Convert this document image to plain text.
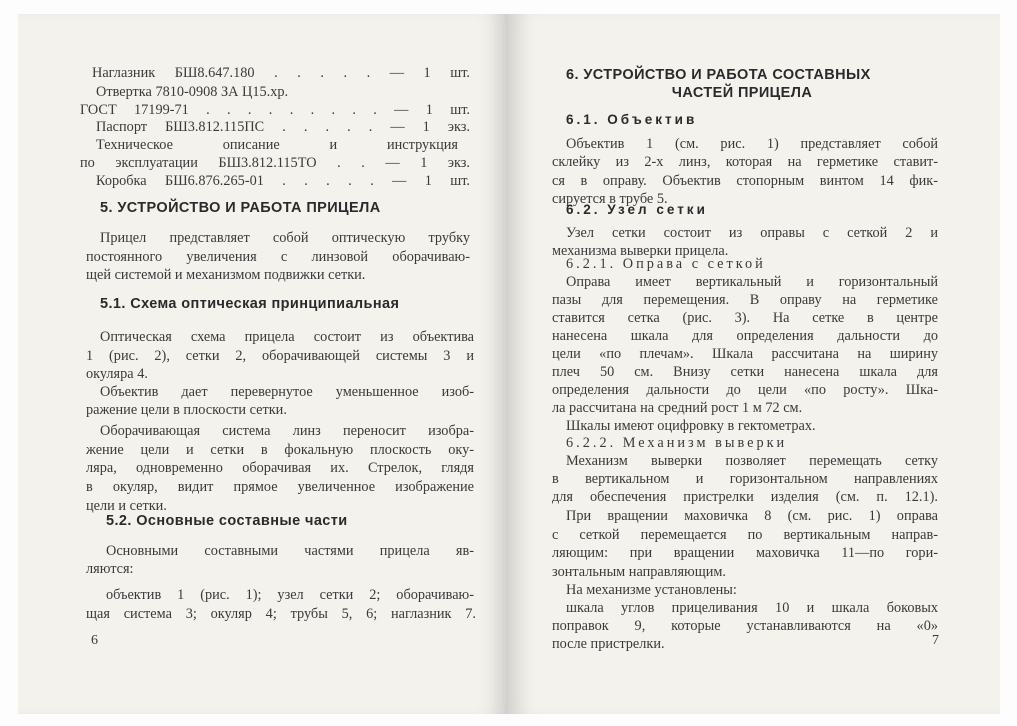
Наглазник БШ8.647.180 . . . . . — 1 шт.
Отвертка 7810-0908 ЗА Ц15.хр.
ГОСТ 17199-71 . . . . . . . . . — 1 шт.
Паспорт БШ3.812.115ПС . . . . . — 1 экз.
Техническое описание и инструкция
по эксплуатации БШ3.812.115ТО . . — 1 экз.
Коробка БШ6.876.265-01 . . . . . — 1 шт.
5. УСТРОЙСТВО И РАБОТА ПРИЦЕЛА
Прицел представляет собой оптическую трубку
постоянного увеличения с линзовой оборачиваю-
щей системой и механизмом подвижки сетки.
5.1. Схема оптическая принципиальная
Оптическая схема прицела состоит из объектива
1 (рис. 2), сетки 2, оборачивающей системы 3 и
окуляра 4.
Объектив дает перевернутое уменьшенное изоб-
ражение цели в плоскости сетки.
Оборачивающая система линз переносит изобра-
жение цели и сетки в фокальную плоскость оку-
ляра, одновременно оборачивая их. Стрелок, глядя
в окуляр, видит прямое увеличенное изображение
цели и сетки.
5.2. Основные составные части
Основными составными частями прицела яв-
ляются:
объектив 1 (рис. 1); узел сетки 2; оборачиваю-
щая система 3; окуляр 4; трубы 5, 6; наглазник 7.
6. УСТРОЙСТВО И РАБОТА СОСТАВНЫХ
ЧАСТЕЙ ПРИЦЕЛА
6.1. Объектив
Объектив 1 (см. рис. 1) представляет собой
склейку из 2-х линз, которая на герметике ставит-
ся в оправу. Объектив стопорным винтом 14 фик-
сируется в трубе 5.
6.2. Узел сетки
Узел сетки состоит из оправы с сеткой 2 и
механизма выверки прицела.
6.2.1. Оправа с сеткой
Оправа имеет вертикальный и горизонтальный
пазы для перемещения. В оправу на герметике
ставится сетка (рис. 3). На сетке в центре
нанесена шкала для определения дальности до
цели «по плечам». Шкала рассчитана на ширину
плеч 50 см. Внизу сетки нанесена шкала для
определения дальности до цели «по росту». Шка-
ла рассчитана на средний рост 1 м 72 см.
Шкалы имеют оцифровку в гектометрах.
6.2.2. Механизм выверки
Механизм выверки позволяет перемещать сетку
в вертикальном и горизонтальном направлениях
для обеспечения пристрелки изделия (см. п. 12.1).
При вращении маховичка 8 (см. рис. 1) оправа
с сеткой перемещается по вертикальным направ-
ляющим: при вращении маховичка 11—по гори-
зонтальным направляющим.
На механизме установлены:
шкала углов прицеливания 10 и шкала боковых
поправок 9, которые устанавливаются на «0»
после пристрелки.
6	7
